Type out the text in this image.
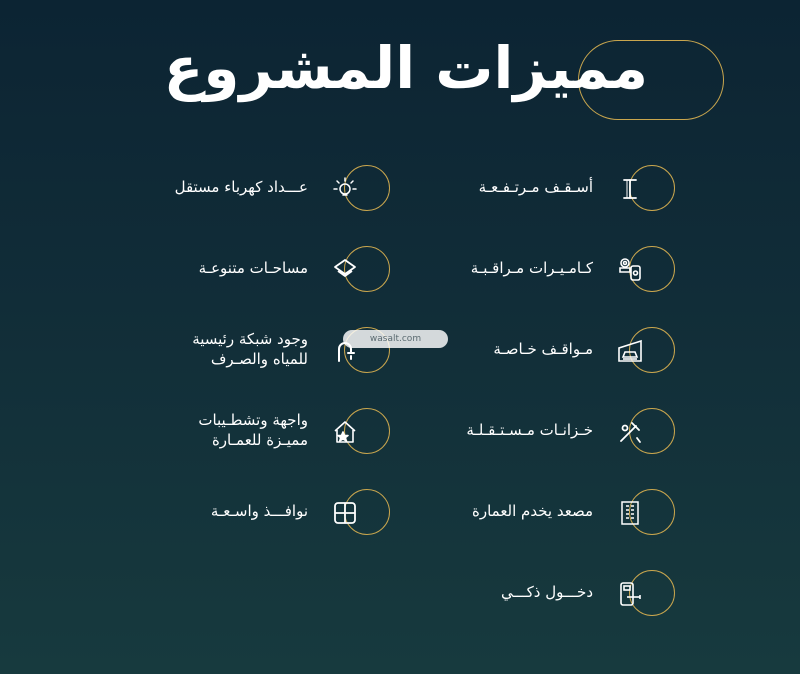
مميزات المشروع
أسـقـف مـرتـفـعـة
كـامـيـرات مـراقـبـة
مـواقـف خـاصـة
خـزانـات مـسـتـقـلـة
مصعد يخدم العمارة
دخـــول ذكـــي
عـــداد كهرباء مستقل
مساحـات متنوعـة
وجود شبكة رئيسية
للمياه والصـرف
واجهة وتشطـيبات
مميـزة للعمـارة
نوافـــذ واسـعـة
wasalt.com
